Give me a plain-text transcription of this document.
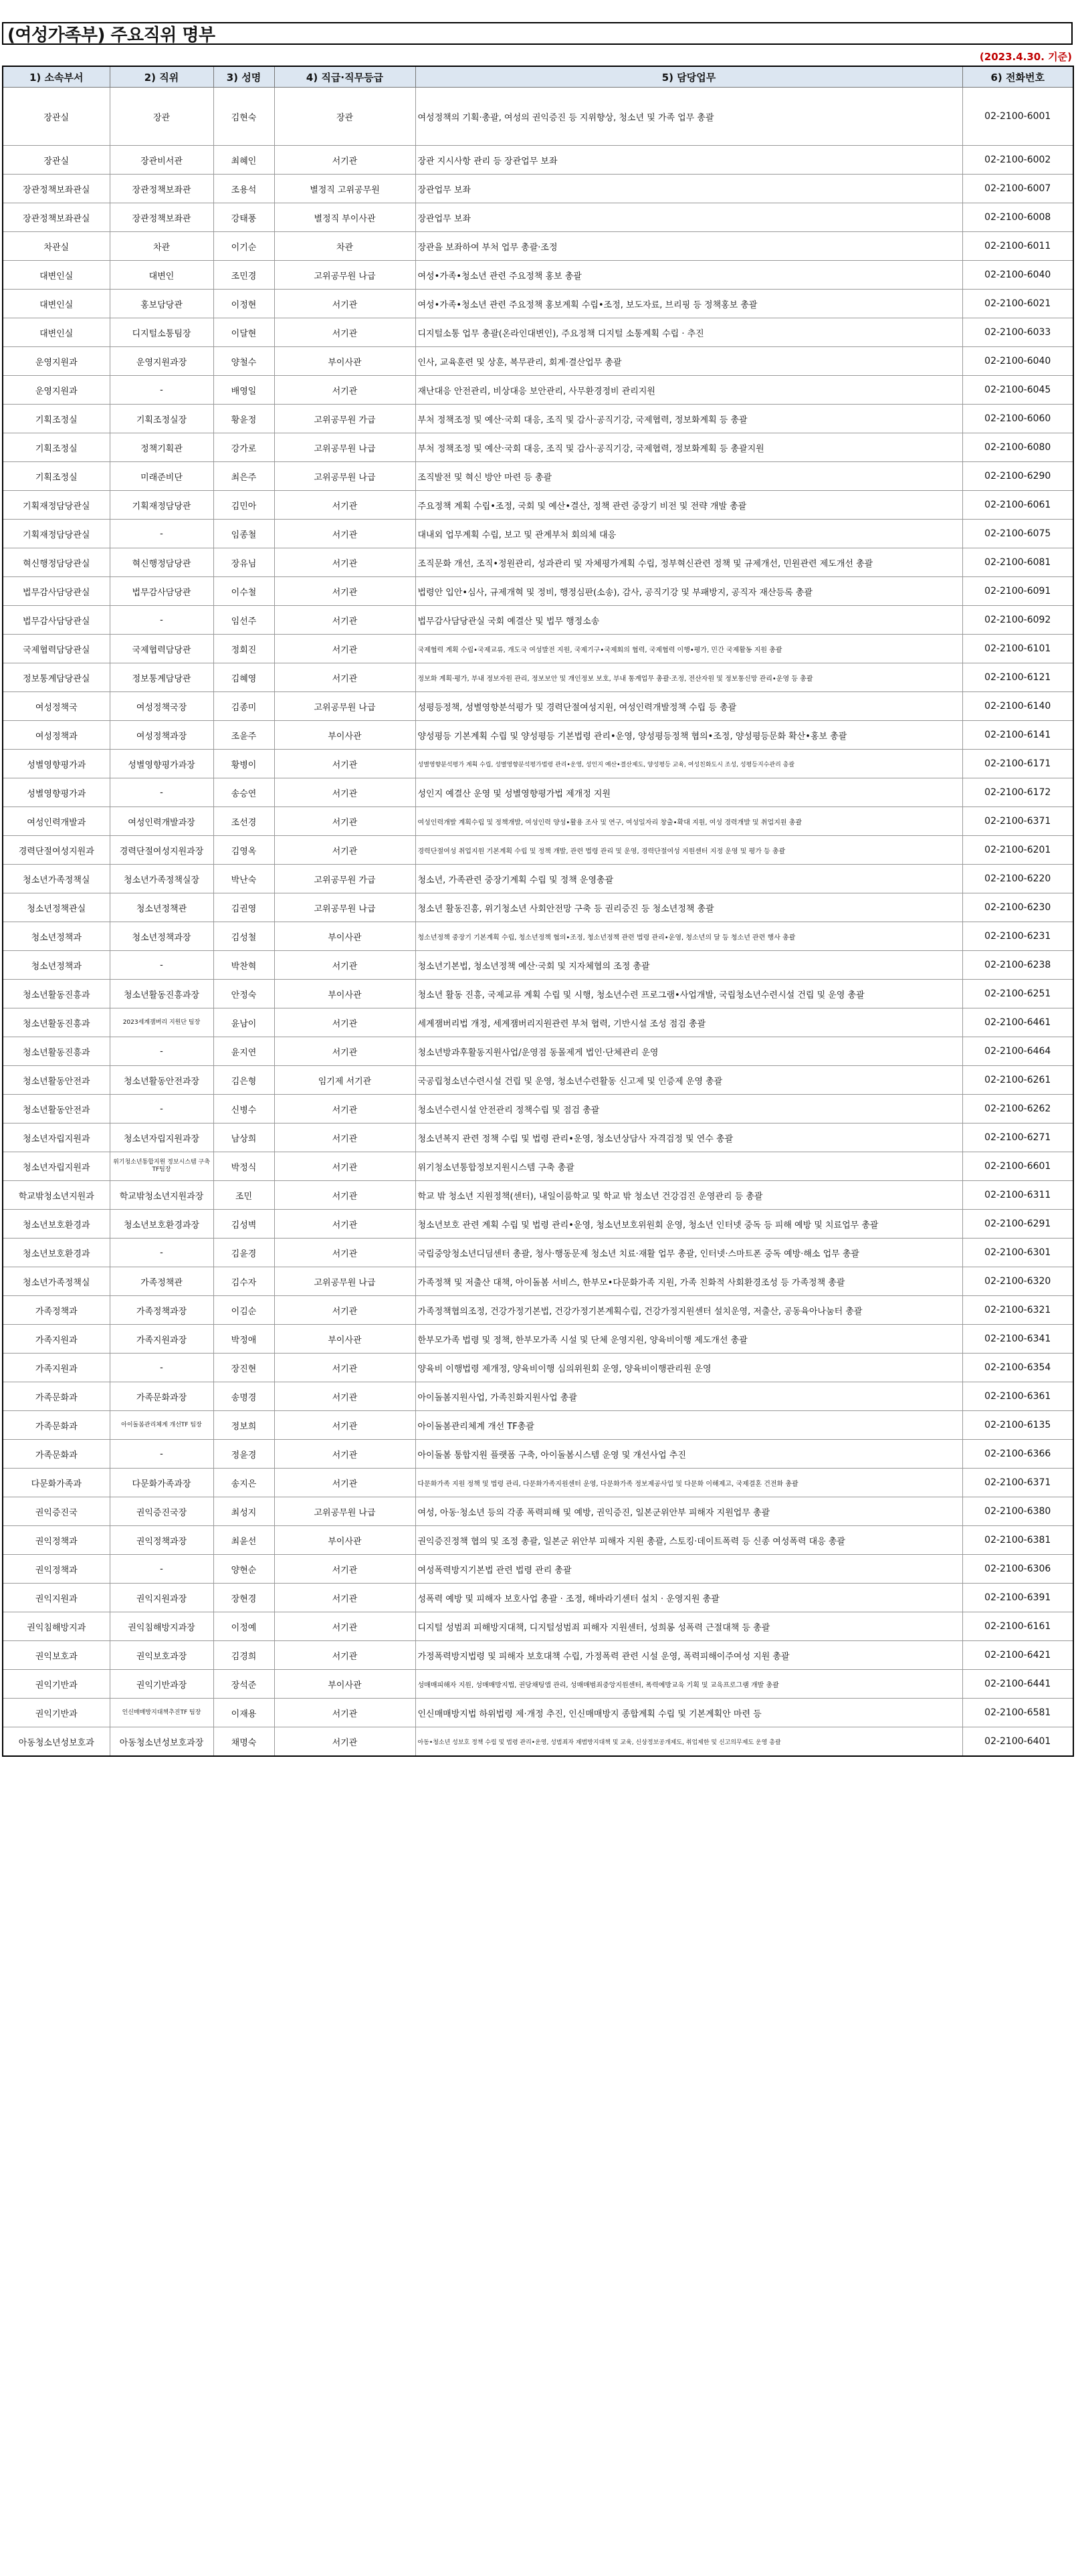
(여성가족부) 주요직위 명부
(2023.4.30. 기준)
1) 소속부서	2) 직위	3) 성명	4) 직급·직무등급	5) 담당업무	6) 전화번호
장관실	장관	김현숙	장관	여성정책의 기획·총괄, 여성의 권익증진 등 지위향상, 청소년 및 가족 업무 총괄	02-2100-6001
장관실	장관비서관	최혜인	서기관	장관 지시사항 관리 등 장관업무 보좌	02-2100-6002
장관정책보좌관실	장관정책보좌관	조용석	별정직 고위공무원	장관업무 보좌	02-2100-6007
장관정책보좌관실	장관정책보좌관	강태풍	별정직 부이사관	장관업무 보좌	02-2100-6008
차관실	차관	이기순	차관	장관을 보좌하여 부처 업무 총괄·조정	02-2100-6011
대변인실	대변인	조민경	고위공무원 나급	여성•가족•청소년 관련 주요정책 홍보 총괄	02-2100-6040
대변인실	홍보담당관	이정현	서기관	여성•가족•청소년 관련 주요정책 홍보계획 수립•조정, 보도자료, 브리핑 등 정책홍보 총괄	02-2100-6021
대변인실	디지털소통팀장	이달현	서기관	디지털소통 업무 총괄(온라인대변인), 주요정책 디지털 소통계획 수립 · 추진	02-2100-6033
운영지원과	운영지원과장	양철수	부이사관	인사, 교육훈련 및 상훈, 복무관리, 회계·결산업무 총괄	02-2100-6040
운영지원과	-	배영일	서기관	재난대응 안전관리, 비상대응 보안관리, 사무환경정비 관리지원	02-2100-6045
기획조정실	기획조정실장	황윤정	고위공무원 가급	부처 정책조정 및 예산·국회 대응, 조직 및 감사·공직기강, 국제협력, 정보화계획 등 총괄	02-2100-6060
기획조정실	정책기획관	강가로	고위공무원 나급	부처 정책조정 및 예산·국회 대응, 조직 및 감사·공직기강, 국제협력, 정보화계획 등 총괄지원	02-2100-6080
기획조정실	미래준비단	최은주	고위공무원 나급	조직발전 및 혁신 방안 마련 등 총괄	02-2100-6290
기획재정담당관실	기획재정담당관	김민아	서기관	주요정책 계획 수립•조정, 국회 및 예산•결산, 정책 관련 중장기 비전 및 전략 개발 총괄	02-2100-6061
기획재정담당관실	-	임종철	서기관	대내외 업무계획 수립, 보고 및 관계부처 회의체 대응	02-2100-6075
혁신행정담당관실	혁신행정담당관	장유님	서기관	조직문화 개선, 조직•정원관리, 성과관리 및 자체평가계획 수립, 정부혁신관련 정책 및 규제개선, 민원관련 제도개선 총괄	02-2100-6081
법무감사담당관실	법무감사담당관	이수철	서기관	법령안 입안•심사, 규제개혁 및 정비, 행정심판(소송), 감사, 공직기강 및 부패방지, 공직자 재산등록 총괄	02-2100-6091
법무감사담당관실	-	임선주	서기관	법무감사담당관실 국회 예결산 및 법무 행정소송	02-2100-6092
국제협력담당관실	국제협력담당관	정회진	서기관	국제협력 계획 수립•국제교류, 개도국 여성발전 지원, 국제기구•국제회의 협력, 국제협력 이행•평가, 민간 국제활동 지원 총괄	02-2100-6101
정보통계담당관실	정보통계담당관	김혜영	서기관	정보화 계획·평가, 부내 정보자원 관리, 정보보안 및 개인정보 보호, 부내 통계업무 총괄·조정, 전산자원 및 정보통신망 관리•운영 등 총괄	02-2100-6121
여성정책국	여성정책국장	김종미	고위공무원 나급	성평등정책, 성별영향분석평가 및 경력단절여성지원, 여성인력개발정책 수립 등 총괄	02-2100-6140
여성정책과	여성정책과장	조윤주	부이사관	양성평등 기본계획 수립 및 양성평등 기본법령 관리•운영, 양성평등정책 협의•조정, 양성평등문화 확산•홍보 총괄	02-2100-6141
성별영향평가과	성별영향평가과장	황병이	서기관	성별영향분석평가 계획 수립, 성별영향분석평가법령 관리•운영, 성인지 예산•결산제도, 양성평등 교육, 여성친화도시 조성, 성평등지수관리 총괄	02-2100-6171
성별영향평가과	-	송승연	서기관	성인지 예결산 운영 및 성별영향평가법 제개정 지원	02-2100-6172
여성인력개발과	여성인력개발과장	조선경	서기관	여성인력개발 계획수립 및 정책개발, 여성인력 양성•활용 조사 및 연구, 여성일자리 창출•확대 지원, 여성 경력개발 및 취업지원 총괄	02-2100-6371
경력단절여성지원과	경력단절여성지원과장	김영옥	서기관	경력단절여성 취업지원 기본계획 수립 및 정책 개발, 관련 법령 관리 및 운영, 경력단절여성 지원센터 지정 운영 및 평가 등 총괄	02-2100-6201
청소년가족정책실	청소년가족정책실장	박난숙	고위공무원 가급	청소년, 가족관련 중장기계획 수립 및 정책 운영총괄	02-2100-6220
청소년정책관실	청소년정책관	김권영	고위공무원 나급	청소년 활동진흥, 위기청소년 사회안전망 구축 등 권리증진 등 청소년정책 총괄	02-2100-6230
청소년정책과	청소년정책과장	김성철	부이사관	청소년정책 중장기 기본계획 수립, 청소년정책 협의•조정, 청소년정책 관련 법령 관리•운영, 청소년의 달 등 청소년 관련 행사 총괄	02-2100-6231
청소년정책과	-	박찬혁	서기관	청소년기본법, 청소년정책 예산·국회 및 지자체협의 조정 총괄	02-2100-6238
청소년활동진흥과	청소년활동진흥과장	안정숙	부이사관	청소년 활동 진흥, 국제교류 계획 수립 및 시행, 청소년수련 프로그램•사업개발, 국립청소년수련시설 건립 및 운영 총괄	02-2100-6251
청소년활동진흥과	2023세계잼버리 지원단 팀장	윤남이	서기관	세계잼버리법 개정, 세계잼버리지원관련 부처 협력, 기반시설 조성 점검 총괄	02-2100-6461
청소년활동진흥과	-	윤지연	서기관	청소년방과후활동지원사업/운영점 동몰제게 법인·단체관리 운영	02-2100-6464
청소년활동안전과	청소년활동안전과장	김은형	임기제 서기관	국공립청소년수련시설 건립 및 운영, 청소년수련활동 신고제 및 인증제 운영 총괄	02-2100-6261
청소년활동안전과	-	신병수	서기관	청소년수련시설 안전관리 정책수립 및 점검 총괄	02-2100-6262
청소년자립지원과	청소년자립지원과장	남상희	서기관	청소년복지 관련 정책 수립 및 법령 관리•운영, 청소년상담사 자격검정 및 연수 총괄	02-2100-6271
청소년자립지원과	위기청소년통합지원 정보시스템 구축TF팀장	박정식	서기관	위기청소년통합정보지원시스템 구축 총괄	02-2100-6601
학교밖청소년지원과	학교밖청소년지원과장	조민	서기관	학교 밖 청소년 지원정책(센터), 내일이룸학교 및 학교 밖 청소년 건강검진 운영관리 등 총괄	02-2100-6311
청소년보호환경과	청소년보호환경과장	김성벽	서기관	청소년보호 관련 계획 수립 및 법령 관리•운영, 청소년보호위원회 운영, 청소년 인터넷 중독 등 피해 예방 및 치료업무 총괄	02-2100-6291
청소년보호환경과	-	김윤경	서기관	국립중앙청소년디딤센터 총괄, 청사·행동문제 청소년 치료·재활 업무 총괄, 인터넷·스마트폰 중독 예방·해소 업무 총괄	02-2100-6301
청소년가족정책실	가족정책관	김수자	고위공무원 나급	가족정책 및 저출산 대책, 아이돌봄 서비스, 한부모•다문화가족 지원, 가족 친화적 사회환경조성 등 가족정책 총괄	02-2100-6320
가족정책과	가족정책과장	이김순	서기관	가족정책협의조정, 건강가정기본법, 건강가정기본계획수립, 건강가정지원센터 설치운영, 저출산, 공동육아나눔터 총괄	02-2100-6321
가족지원과	가족지원과장	박정애	부이사관	한부모가족 법령 및 정책, 한부모가족 시설 및 단체 운영지원, 양육비이행 제도개선 총괄	02-2100-6341
가족지원과	-	장진현	서기관	양육비 이행법령 제개정, 양육비이행 심의위원회 운영, 양육비이행관리원 운영	02-2100-6354
가족문화과	가족문화과장	송명경	서기관	아이돌봄지원사업, 가족친화지원사업 총괄	02-2100-6361
가족문화과	아이돌봄관리체계 개선TF 팀장	정보희	서기관	아이돌봄관리체계 개선 TF총괄	02-2100-6135
가족문화과	-	정윤경	서기관	아이돌봄 통합지원 플랫폼 구축, 아이돌봄시스템 운영 및 개선사업 추진	02-2100-6366
다문화가족과	다문화가족과장	송지은	서기관	다문화가족 지원 정책 및 법령 관리, 다문화가족지원센터 운영, 다문화가족 정보제공사업 및 다문화 이해제고, 국제결혼 건전화 총괄	02-2100-6371
권익증진국	권익증진국장	최성지	고위공무원 나급	여성, 아동·청소년 등의 각종 폭력피해 및 예방, 권익증진, 일본군위안부 피해자 지원업무 총괄	02-2100-6380
권익정책과	권익정책과장	최윤선	부이사관	권익증진정책 협의 및 조정 총괄, 일본군 위안부 피해자 지원 총괄, 스토킹·데이트폭력 등 신종 여성폭력 대응 총괄	02-2100-6381
권익정책과	-	양현순	서기관	여성폭력방지기본법 관련 법령 관리 총괄	02-2100-6306
권익지원과	권익지원과장	장현경	서기관	성폭력 예방 및 피해자 보호사업 총괄 · 조정, 해바라기센터 설치 · 운영지원 총괄	02-2100-6391
권익침해방지과	권익침해방지과장	이정예	서기관	디지털 성범죄 피해방지대책, 디지털성범죄 피해자 지원센터, 성희롱 성폭력 근절대책 등 총괄	02-2100-6161
권익보호과	권익보호과장	김경희	서기관	가정폭력방지법령 및 피해자 보호대책 수립, 가정폭력 관련 시설 운영, 폭력피해이주여성 지원 총괄	02-2100-6421
권익기반과	권익기반과장	장석준	부이사관	성매매피해자 지원, 성매매방지법, 권당채팅앱 관리, 성매매범죄중앙지원센터, 폭력예방교육 기획 및 교육프로그램 개발 총괄	02-2100-6441
권익기반과	인신매매방지대책추진TF 팀장	이재용	서기관	인신매매방지법 하위법령 제·개정 추진, 인신매매방지 종합계획 수립 및 기본계획안 마련 등	02-2100-6581
아동청소년성보호과	아동청소년성보호과장	채명숙	서기관	아동•청소년 성보호 정책 수립 및 법령 관리•운영, 성범죄자 재범방지대책 및 교육, 신상정보공개제도, 취업제한 및 신고의무제도 운영 총괄	02-2100-6401
